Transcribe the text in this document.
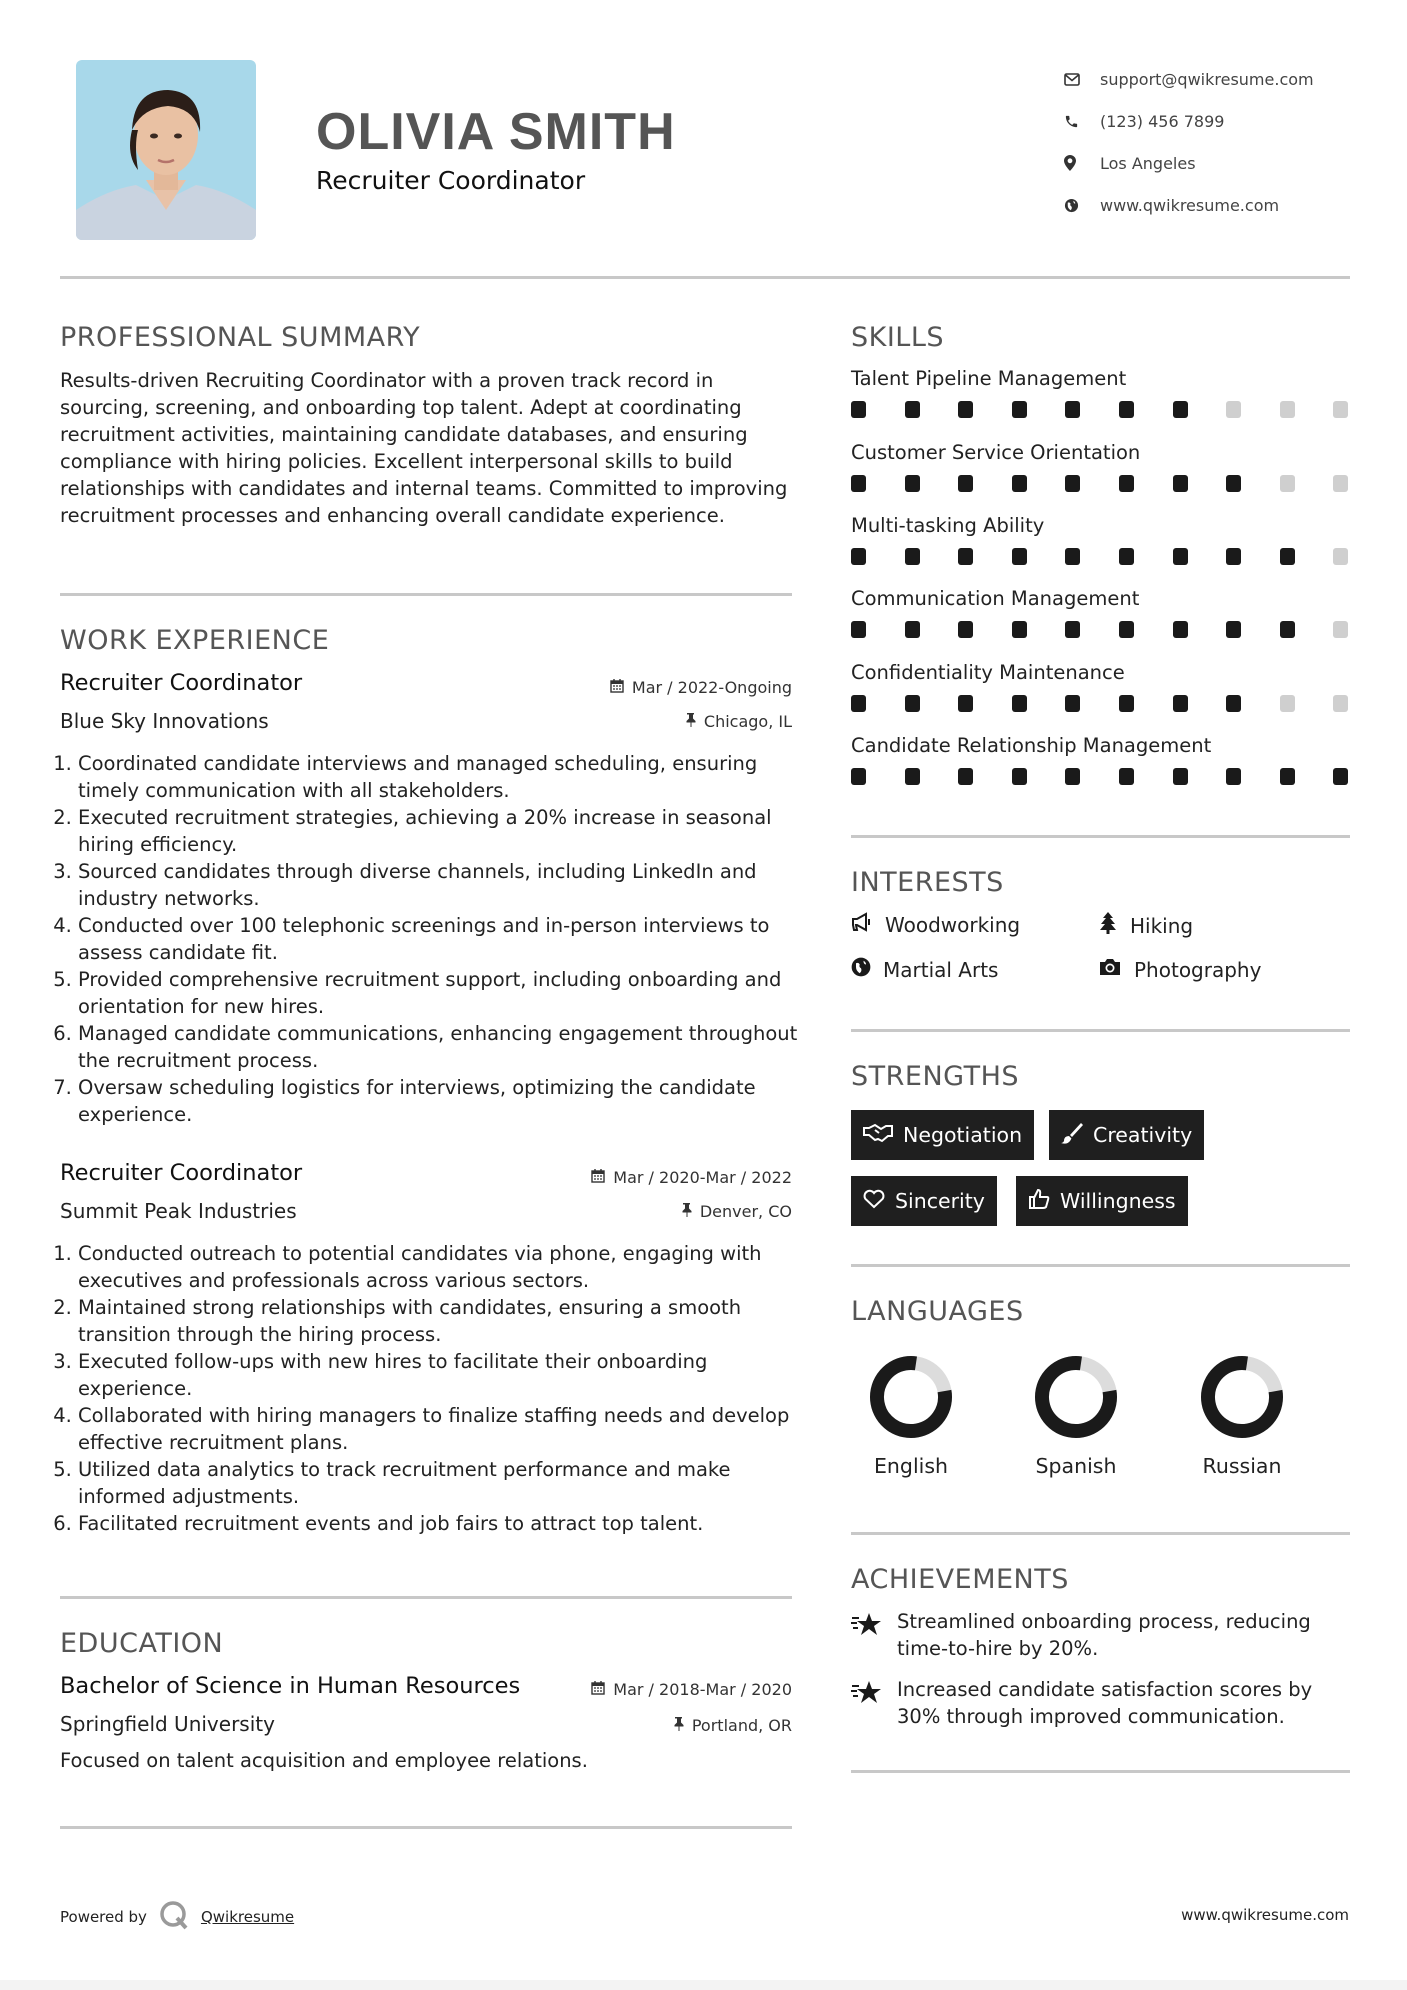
OLIVIA SMITH
Recruiter Coordinator
support@qwikresume.com
(123) 456 7899
Los Angeles
www.qwikresume.com
PROFESSIONAL SUMMARY
Results-driven Recruiting Coordinator with a proven track record in sourcing, screening, and onboarding top talent. Adept at coordinating recruitment activities, maintaining candidate databases, and ensuring compliance with hiring policies. Excellent interpersonal skills to build relationships with candidates and internal teams. Committed to improving recruitment processes and enhancing overall candidate experience.
WORK EXPERIENCE
Recruiter Coordinator	Mar / 2022-Ongoing
Blue Sky Innovations	Chicago, IL
1. Coordinated candidate interviews and managed scheduling, ensuring timely communication with all stakeholders.
2. Executed recruitment strategies, achieving a 20% increase in seasonal hiring efficiency.
3. Sourced candidates through diverse channels, including LinkedIn and industry networks.
4. Conducted over 100 telephonic screenings and in-person interviews to assess candidate fit.
5. Provided comprehensive recruitment support, including onboarding and orientation for new hires.
6. Managed candidate communications, enhancing engagement throughout the recruitment process.
7. Oversaw scheduling logistics for interviews, optimizing the candidate experience.
Recruiter Coordinator	Mar / 2020-Mar / 2022
Summit Peak Industries	Denver, CO
1. Conducted outreach to potential candidates via phone, engaging with executives and professionals across various sectors.
2. Maintained strong relationships with candidates, ensuring a smooth transition through the hiring process.
3. Executed follow-ups with new hires to facilitate their onboarding experience.
4. Collaborated with hiring managers to finalize staffing needs and develop effective recruitment plans.
5. Utilized data analytics to track recruitment performance and make informed adjustments.
6. Facilitated recruitment events and job fairs to attract top talent.
EDUCATION
Bachelor of Science in Human Resources	Mar / 2018-Mar / 2020
Springfield University	Portland, OR
Focused on talent acquisition and employee relations.
SKILLS
Talent Pipeline Management
Customer Service Orientation
Multi-tasking Ability
Communication Management
Confidentiality Maintenance
Candidate Relationship Management
INTERESTS
Woodworking	Hiking
Martial Arts	Photography
STRENGTHS
Negotiation	Creativity
Sincerity	Willingness
LANGUAGES
English	Spanish	Russian
ACHIEVEMENTS
Streamlined onboarding process, reducing time-to-hire by 20%.
Increased candidate satisfaction scores by 30% through improved communication.
Powered by	Qwikresume	www.qwikresume.com
